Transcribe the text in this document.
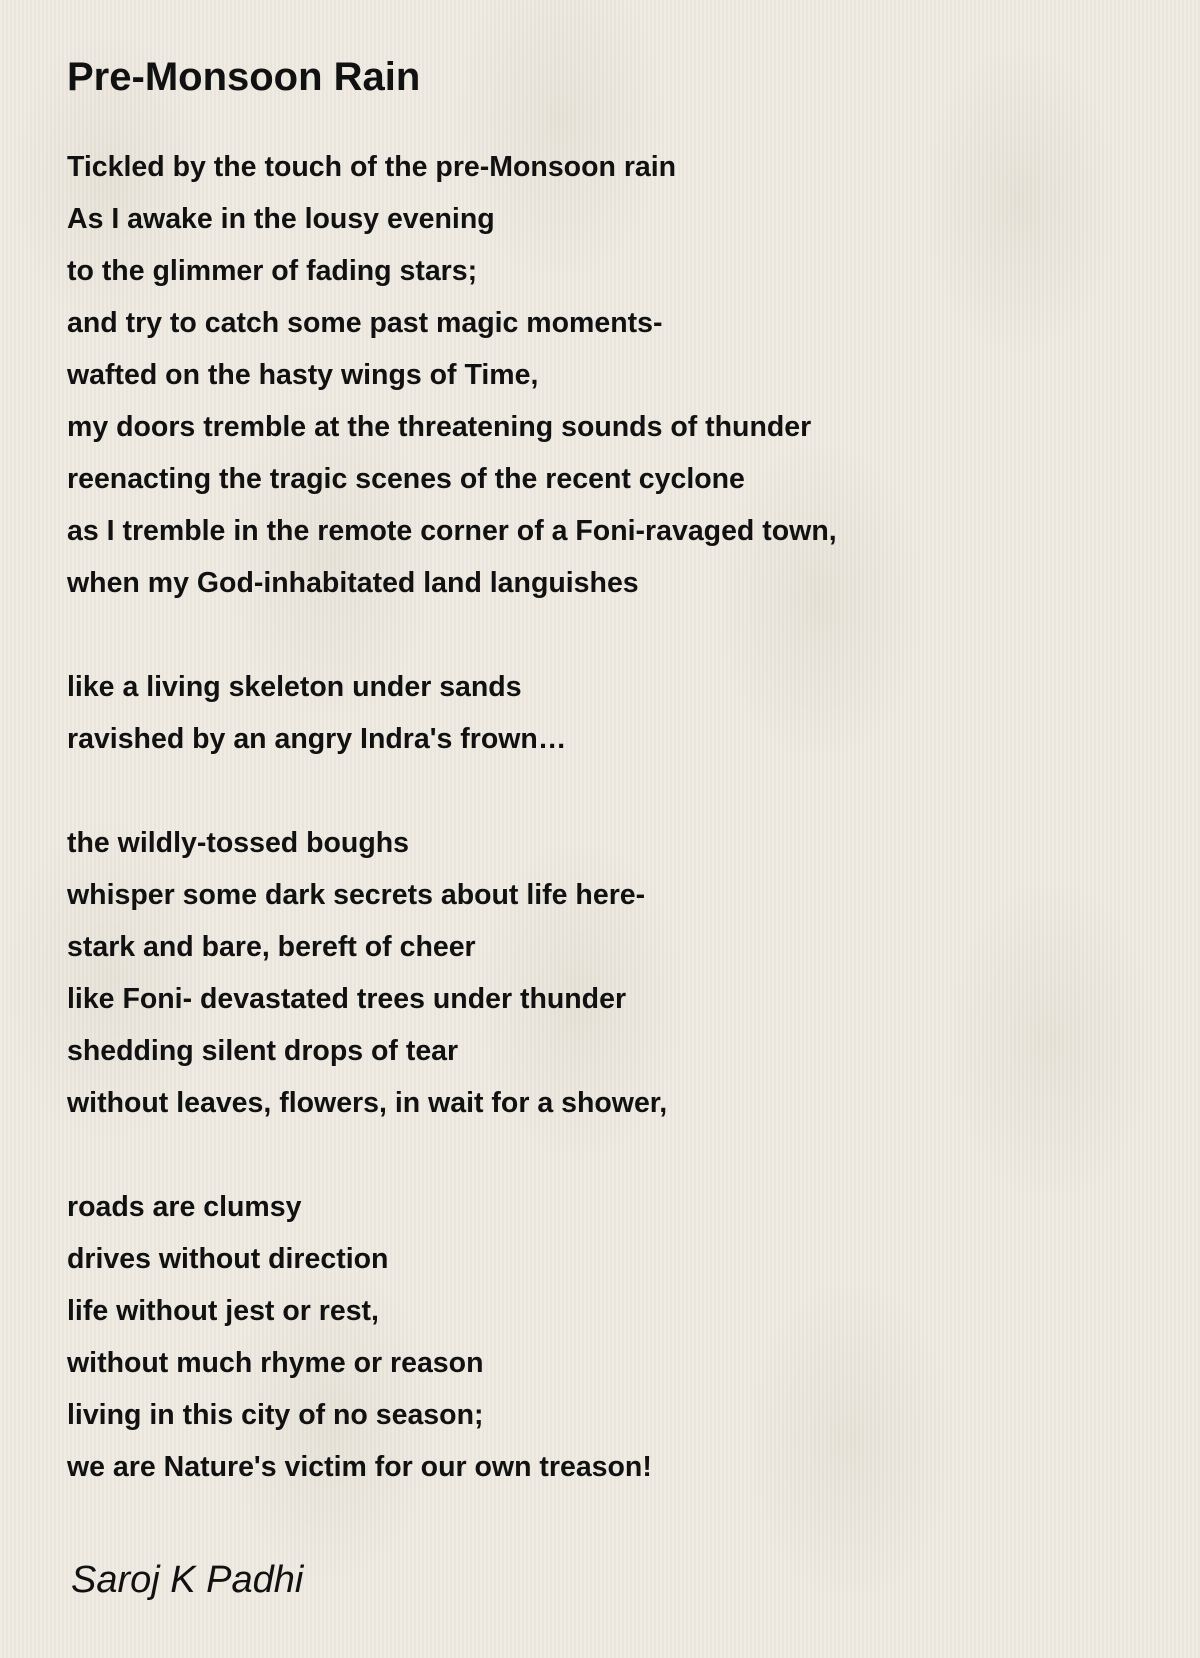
Pre-Monsoon Rain
Tickled by the touch of the pre-Monsoon rain
As I awake in the lousy evening
to the glimmer of fading stars;
and try to catch some past magic moments-
wafted on the hasty wings of Time,
my doors tremble at the threatening sounds of thunder
reenacting the tragic scenes of the recent cyclone
as I tremble in the remote corner of a Foni-ravaged town,
when my God-inhabitated land languishes
like a living skeleton under sands
ravished by an angry Indra's frown…
the wildly-tossed boughs
whisper some dark secrets about life here-
stark and bare, bereft of cheer
like Foni- devastated trees under thunder
shedding silent drops of tear
without leaves, flowers, in wait for a shower,
roads are clumsy
drives without direction
life without jest or rest,
without much rhyme or reason
living in this city of no season;
we are Nature's victim for our own treason!
Saroj K Padhi
